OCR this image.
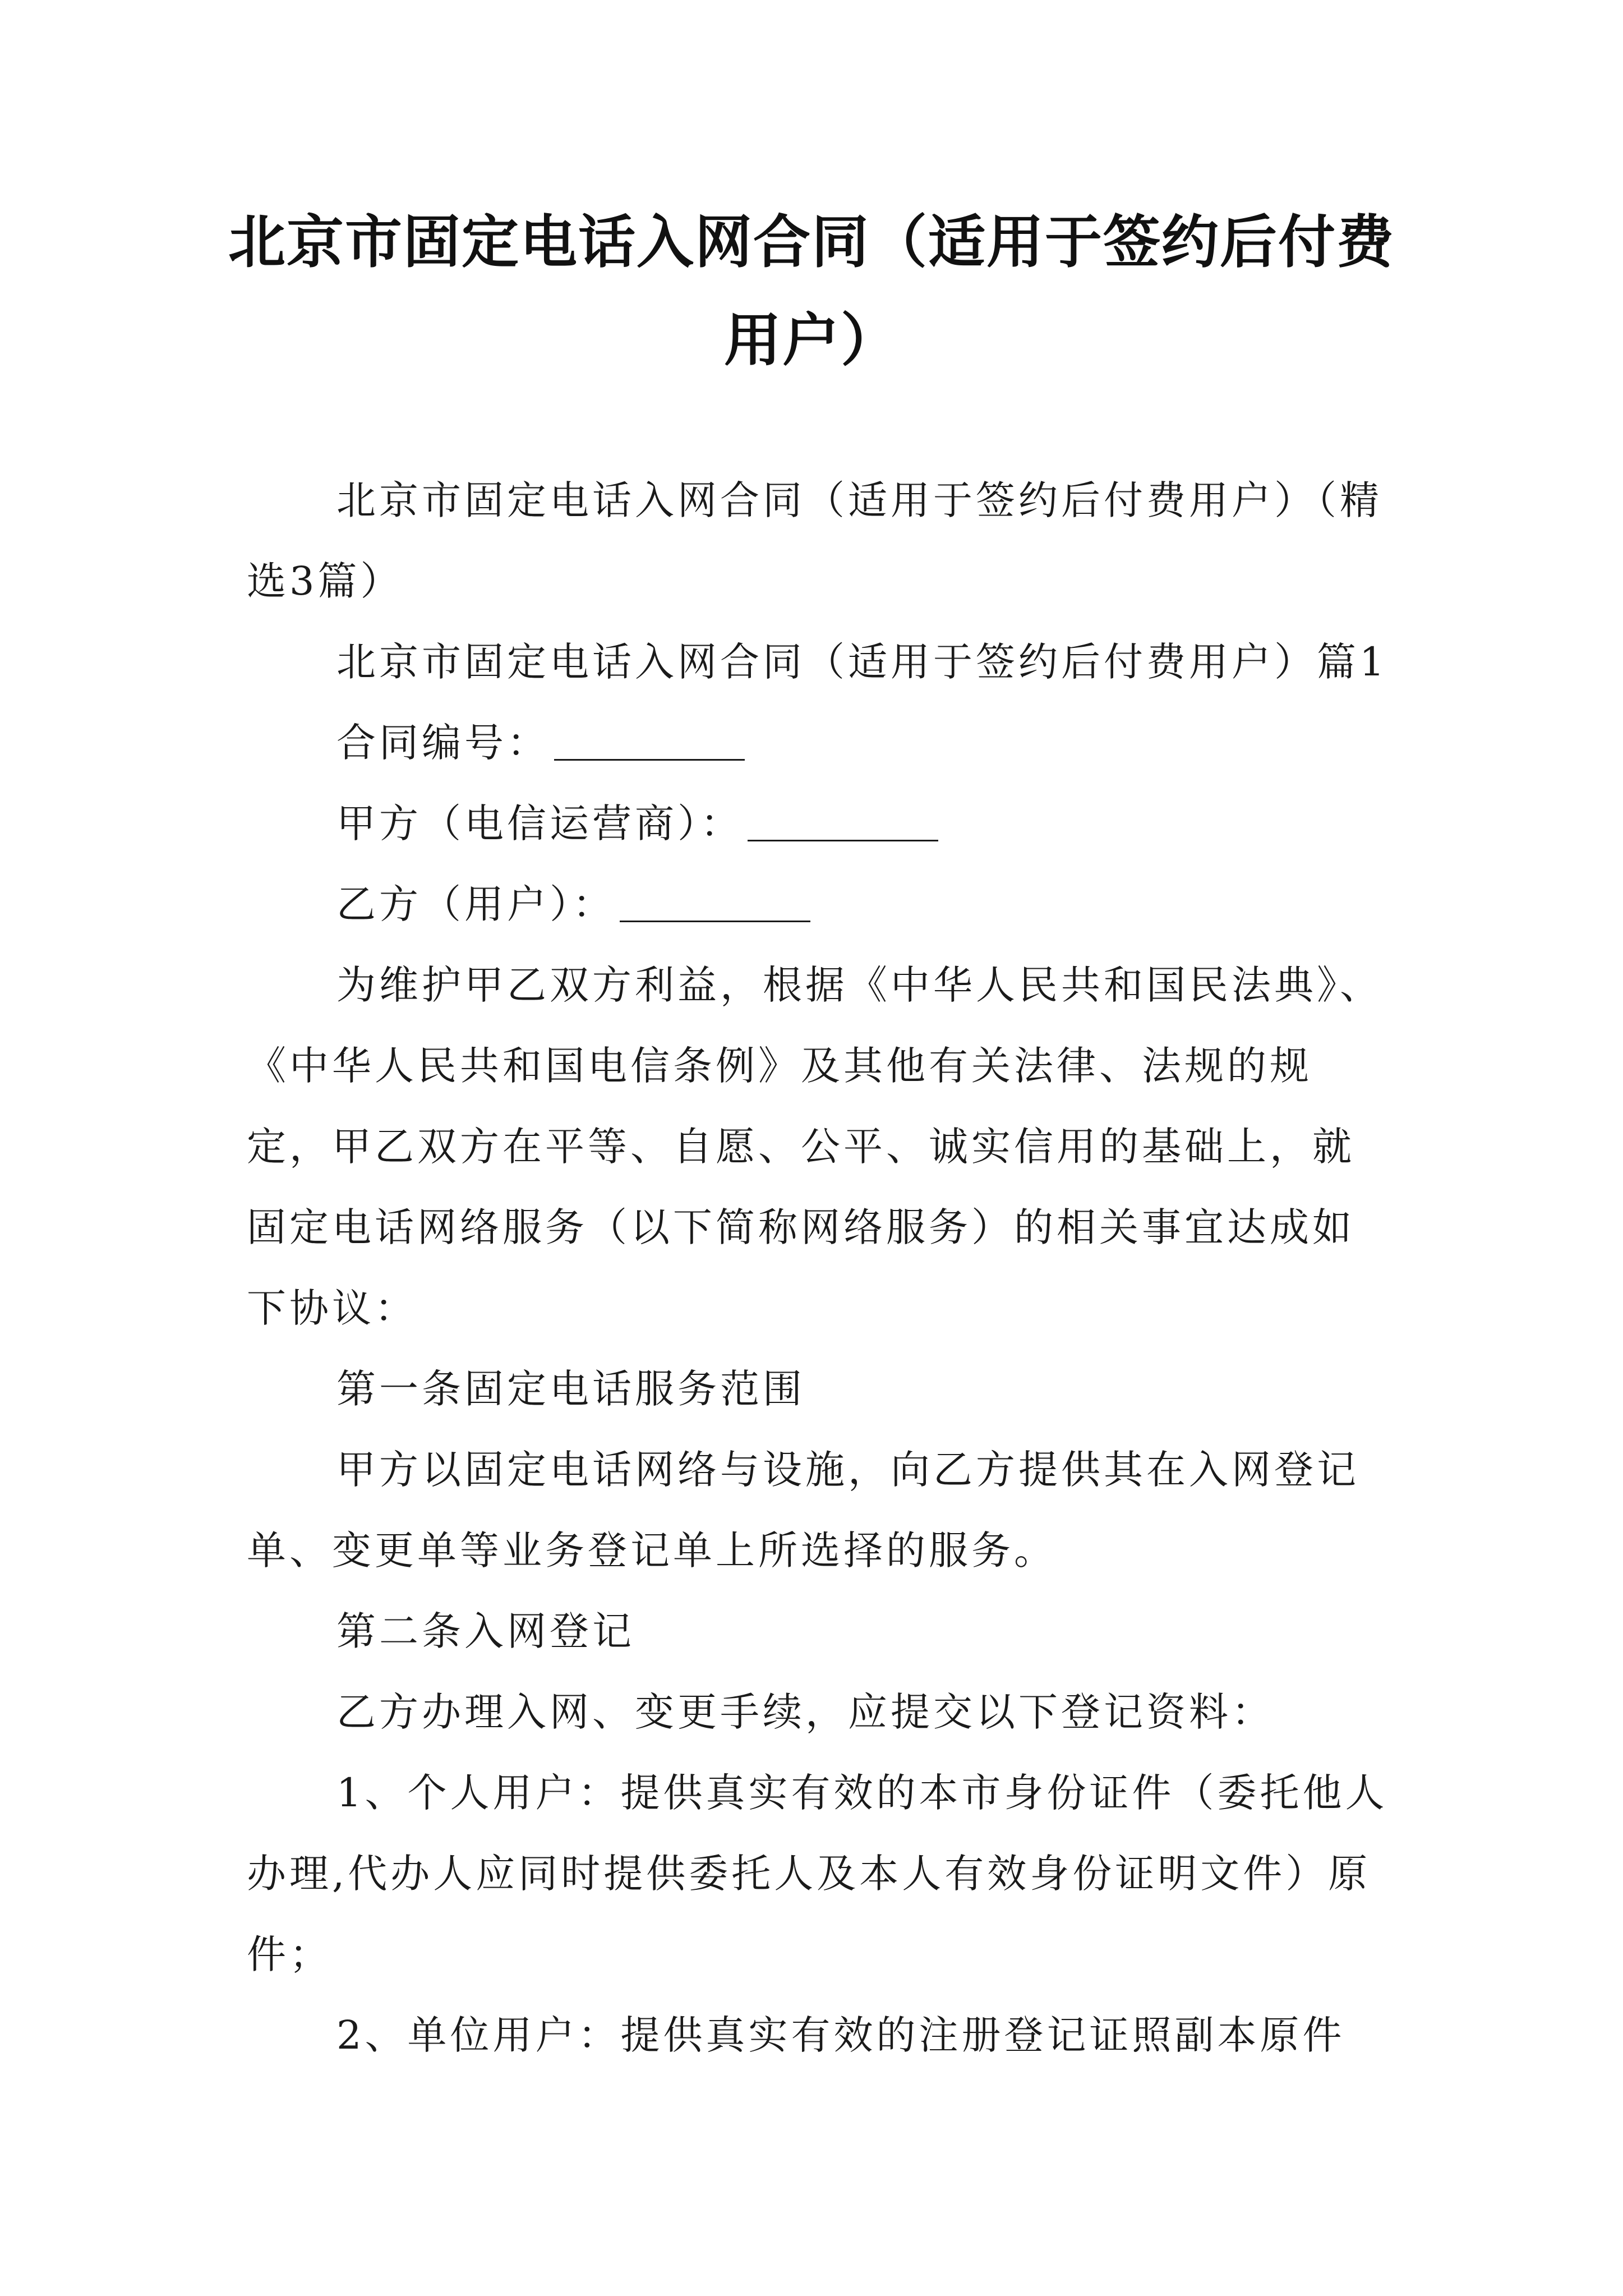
北京市固定电话入网合同（适用于签约后付费用户）

北京市固定电话入网合同（适用于签约后付费用户）（精选3篇）

北京市固定电话入网合同（适用于签约后付费用户）篇1

合同编号：

甲方（电信运营商）：

乙方（用户）：

为维护甲乙双方利益，根据《中华人民共和国民法典》、《中华人民共和国电信条例》及其他有关法律、法规的规定，甲乙双方在平等、自愿、公平、诚实信用的基础上，就固定电话网络服务（以下简称网络服务）的相关事宜达成如下协议：

第一条固定电话服务范围

甲方以固定电话网络与设施，向乙方提供其在入网登记单、变更单等业务登记单上所选择的服务。

第二条入网登记

乙方办理入网、变更手续，应提交以下登记资料：

1、个人用户：提供真实有效的本市身份证件（委托他人办理,代办人应同时提供委托人及本人有效身份证明文件）原件；

2、单位用户：提供真实有效的注册登记证照副本原件
